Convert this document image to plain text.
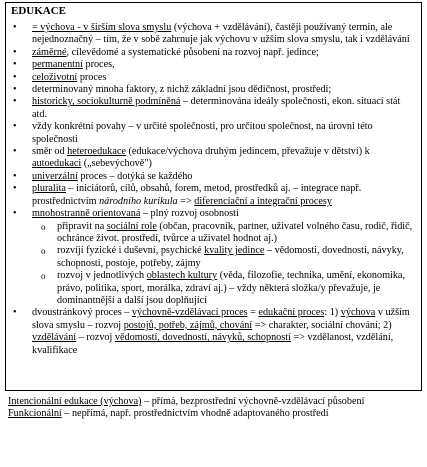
EDUKACE
• = výchova - v širším slova smyslu (výchova + vzdělávání), častěji používaný termín, ale nejednoznačný – tím, že v sobě zahrnuje jak výchovu v užším slova smyslu, tak i vzdělávání
• záměrné, cílevědomé a systematické působení na rozvoj např. jedince;
• permanentní proces,
• celoživotní proces
• determinovaný mnoha faktory, z nichž základní jsou dědičnost, prostředí;
• historicky, sociokulturně podmíněná – determinována ideály společnosti, ekon. situací stát atd.
• vždy konkrétní povahy – v určité společnosti, pro určitou společnost, na úrovni této společnosti
• směr od heteroedukace (edukace/výchova druhým jedincem, převažuje v dětství) k autoedukaci („sebevýchově")
• univerzální proces – dotýká se každého
• pluralita – iniciátorů, cílů, obsahů, forem, metod, prostředků aj. – integrace např. prostřednictvím národního kurikula => diferenciační a integrační procesy
• mnohostranně orientovaná – plný rozvoj osobnosti
o připravit na sociální role (občan, pracovník, partner, uživatel volného času, rodič, řidič, ochránce život. prostředí, tvůrce a uživatel hodnot aj.)
o rozvíjí fyzické i duševní, psychické kvality jedince – vědomosti, dovednosti, návyky, schopnosti, postoje, potřeby, zájmy
o rozvoj v jednotlivých oblastech kultury (věda, filozofie, technika, umění, ekonomika, právo, politika, sport, morálka, zdraví aj.) – vždy některá složka/y převažuje, je dominantnější a další jsou doplňující
• dvoustránkový proces – výchovně-vzdělávací proces = edukační proces: 1) výchova v užším slova smyslu – rozvoj postojů, potřeb, zájmů, chování => charakter, sociální chování; 2) vzdělávání – rozvoj vědomostí, dovedností, návyků, schopností => vzdělanost, vzdělání, kvalifikace

Intencionální edukace (výchova) – přímá, bezprostřední výchovně-vzdělávací působení

Funkcionální – nepřímá, např. prostřednictvím vhodně adaptovaného prostředí
